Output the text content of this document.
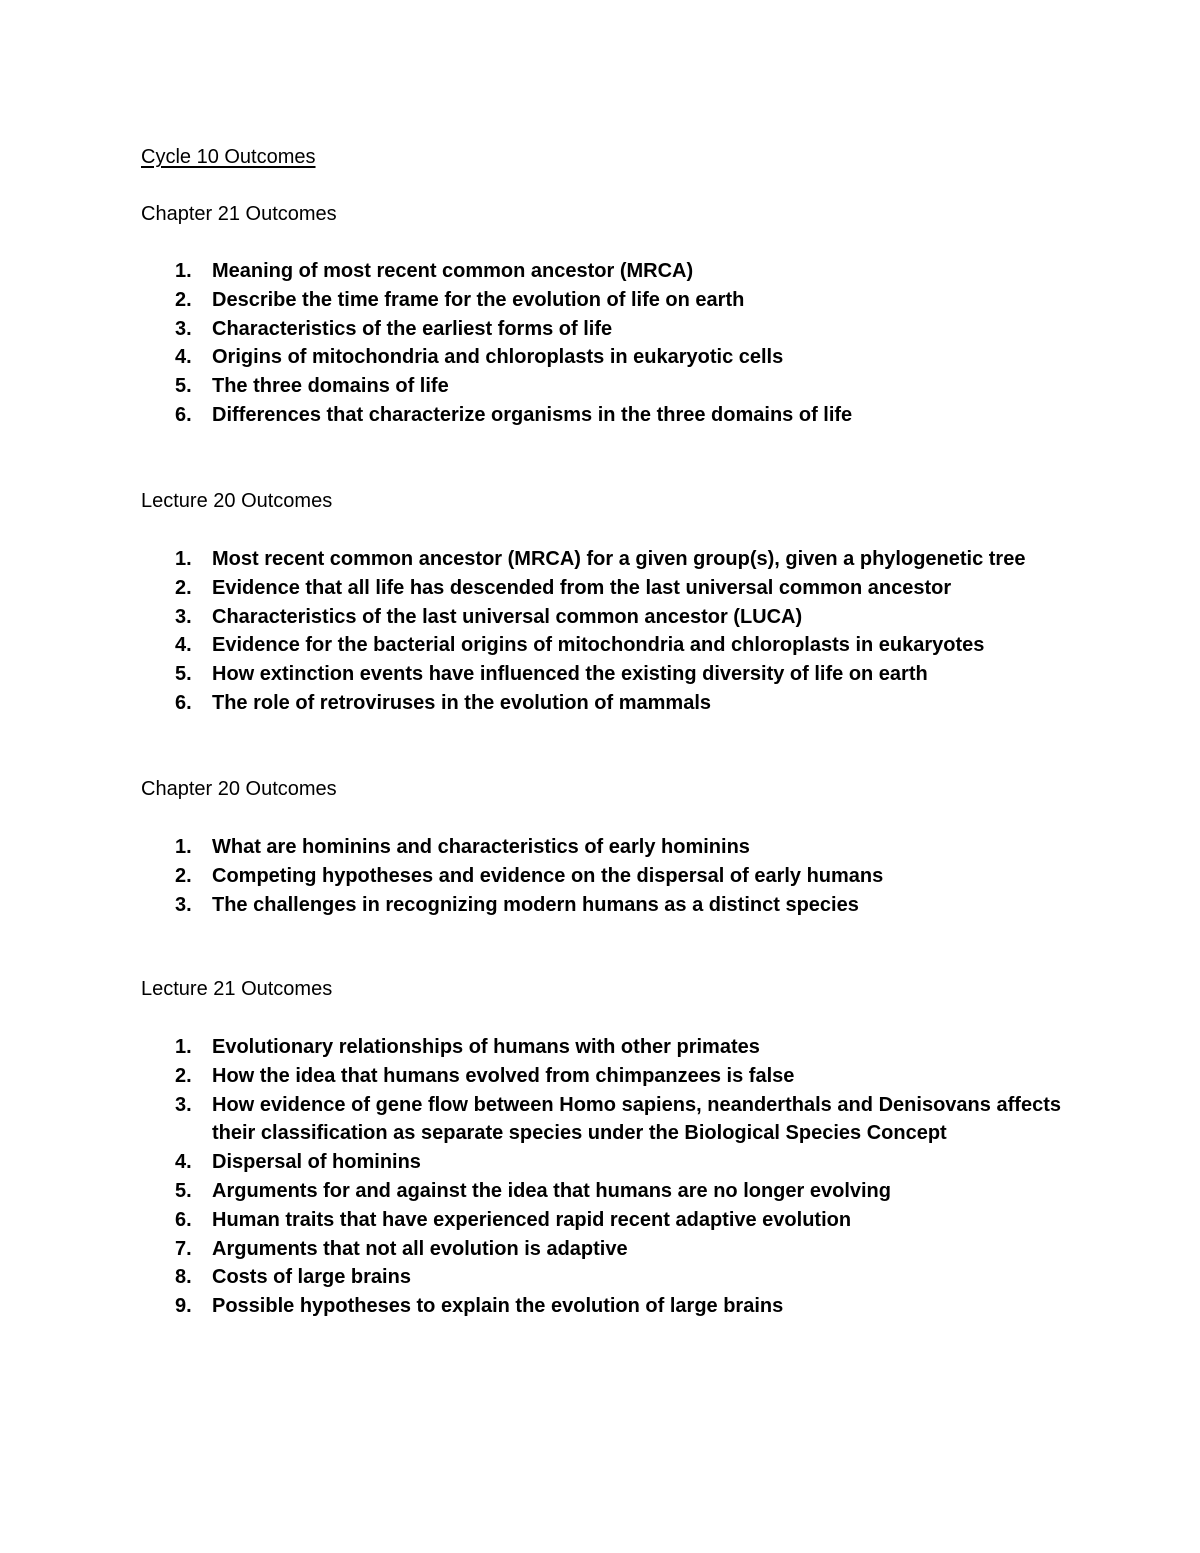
Cycle 10 Outcomes
Chapter 21 Outcomes
1.	Meaning of most recent common ancestor (MRCA)
2.	Describe the time frame for the evolution of life on earth
3.	Characteristics of the earliest forms of life
4.	Origins of mitochondria and chloroplasts in eukaryotic cells
5.	The three domains of life
6.	Differences that characterize organisms in the three domains of life
Lecture 20 Outcomes
1.	Most recent common ancestor (MRCA) for a given group(s), given a phylogenetic tree
2.	Evidence that all life has descended from the last universal common ancestor
3.	Characteristics of the last universal common ancestor (LUCA)
4.	Evidence for the bacterial origins of mitochondria and chloroplasts in eukaryotes
5.	How extinction events have influenced the existing diversity of life on earth
6.	The role of retroviruses in the evolution of mammals
Chapter 20 Outcomes
1.	What are hominins and characteristics of early hominins
2.	Competing hypotheses and evidence on the dispersal of early humans
3.	The challenges in recognizing modern humans as a distinct species
Lecture 21 Outcomes
1.	Evolutionary relationships of humans with other primates
2.	How the idea that humans evolved from chimpanzees is false
3.	How evidence of gene flow between Homo sapiens, neanderthals and Denisovans affects their classification as separate species under the Biological Species Concept
4.	Dispersal of hominins
5.	Arguments for and against the idea that humans are no longer evolving
6.	Human traits that have experienced rapid recent adaptive evolution
7.	Arguments that not all evolution is adaptive
8.	Costs of large brains
9.	Possible hypotheses to explain the evolution of large brains
